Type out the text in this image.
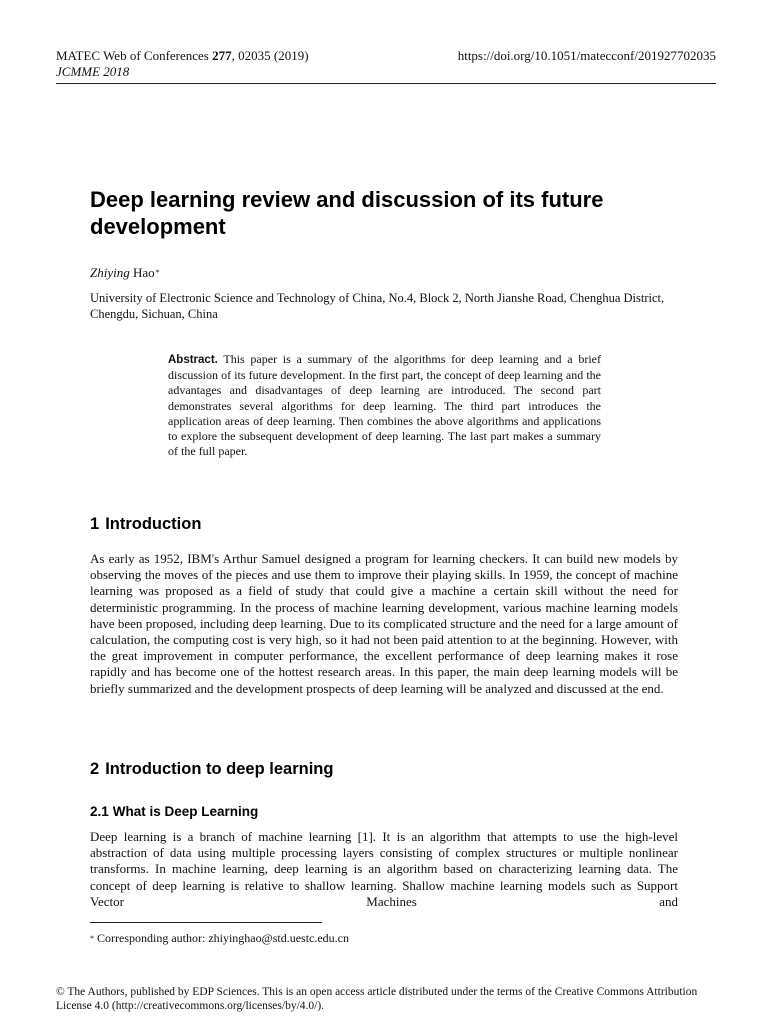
MATEC Web of Conferences 277, 02035 (2019)
JCMME 2018
https://doi.org/10.1051/matecconf/201927702035
Deep learning review and discussion of its future development
Zhiying Hao*
University of Electronic Science and Technology of China, No.4, Block 2, North Jianshe Road, Chenghua District, Chengdu, Sichuan, China
Abstract. This paper is a summary of the algorithms for deep learning and a brief discussion of its future development. In the first part, the concept of deep learning and the advantages and disadvantages of deep learning are introduced. The second part demonstrates several algorithms for deep learning. The third part introduces the application areas of deep learning. Then combines the above algorithms and applications to explore the subsequent development of deep learning. The last part makes a summary of the full paper.
1 Introduction

As early as 1952, IBM's Arthur Samuel designed a program for learning checkers. It can build new models by observing the moves of the pieces and use them to improve their playing skills. In 1959, the concept of machine learning was proposed as a field of study that could give a machine a certain skill without the need for deterministic programming. In the process of machine learning development, various machine learning models have been proposed, including deep learning. Due to its complicated structure and the need for a large amount of calculation, the computing cost is very high, so it had not been paid attention to at the beginning. However, with the great improvement in computer performance, the excellent performance of deep learning makes it rose rapidly and has become one of the hottest research areas. In this paper, the main deep learning models will be briefly summarized and the development prospects of deep learning will be analyzed and discussed at the end.

2 Introduction to deep learning
2.1 What is Deep Learning

Deep learning is a branch of machine learning [1]. It is an algorithm that attempts to use the high-level abstraction of data using multiple processing layers consisting of complex structures or multiple nonlinear transforms. In machine learning, deep learning is an algorithm based on characterizing learning data. The concept of deep learning is relative to shallow learning. Shallow machine learning models such as Support Vector Machines and

* Corresponding author: zhiyinghao@std.uestc.edu.cn
© The Authors, published by EDP Sciences. This is an open access article distributed under the terms of the Creative Commons Attribution License 4.0 (http://creativecommons.org/licenses/by/4.0/).
